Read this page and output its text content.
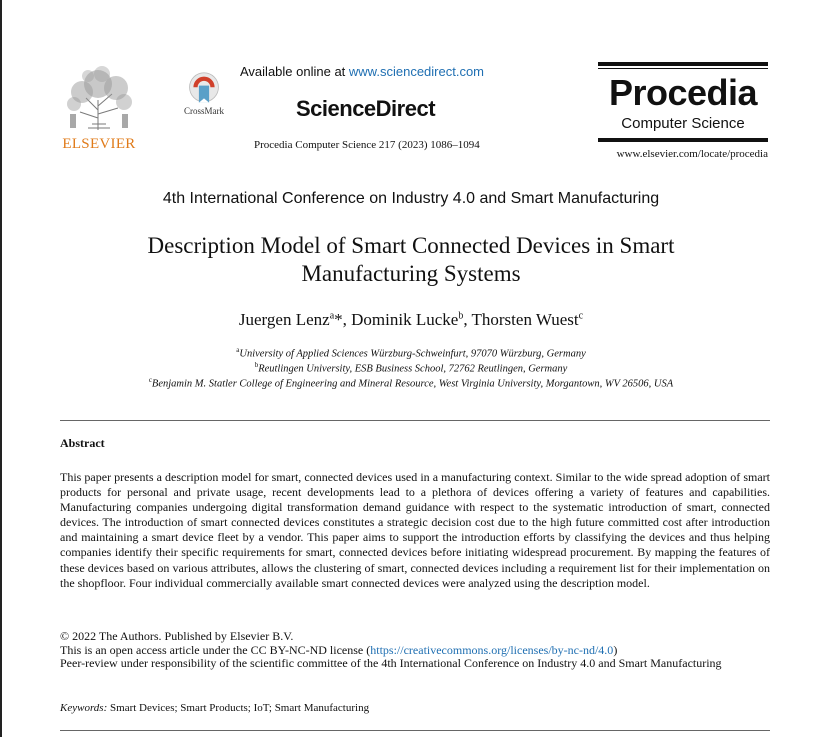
ELSEVIER
CrossMark
Available online at www.sciencedirect.com
ScienceDirect
Procedia Computer Science 217 (2023) 1086–1094
Procedia
Computer Science
www.elsevier.com/locate/procedia
4th International Conference on Industry 4.0 and Smart Manufacturing
Description Model of Smart Connected Devices in Smart Manufacturing Systems
Juergen Lenz$^a$*, Dominik Lucke$^b$, Thorsten Wuest$^c$
$^a$University of Applied Sciences Würzburg-Schweinfurt, 97070 Würzburg, Germany
$^b$Reutlingen University, ESB Business School, 72762 Reutlingen, Germany
$^c$Benjamin M. Statler College of Engineering and Mineral Resource, West Virginia University, Morgantown, WV 26506, USA
Abstract
This paper presents a description model for smart, connected devices used in a manufacturing context. Similar to the wide spread adoption of smart products for personal and private usage, recent developments lead to a plethora of devices offering a variety of features and capabilities. Manufacturing companies undergoing digital transformation demand guidance with respect to the systematic introduction of smart, connected devices. The introduction of smart connected devices constitutes a strategic decision cost due to the high future committed cost after introduction and maintaining a smart device fleet by a vendor. This paper aims to support the introduction efforts by classifying the devices and thus helping companies identify their specific requirements for smart, connected devices before initiating widespread procurement. By mapping the features of these devices based on various attributes, allows the clustering of smart, connected devices including a requirement list for their implementation on the shopfloor. Four individual commercially available smart connected devices were analyzed using the description model.
© 2022 The Authors. Published by Elsevier B.V.
This is an open access article under the CC BY-NC-ND license (https://creativecommons.org/licenses/by-nc-nd/4.0)
Peer-review under responsibility of the scientific committee of the 4th International Conference on Industry 4.0 and Smart Manufacturing
Keywords: Smart Devices; Smart Products; IoT; Smart Manufacturing
